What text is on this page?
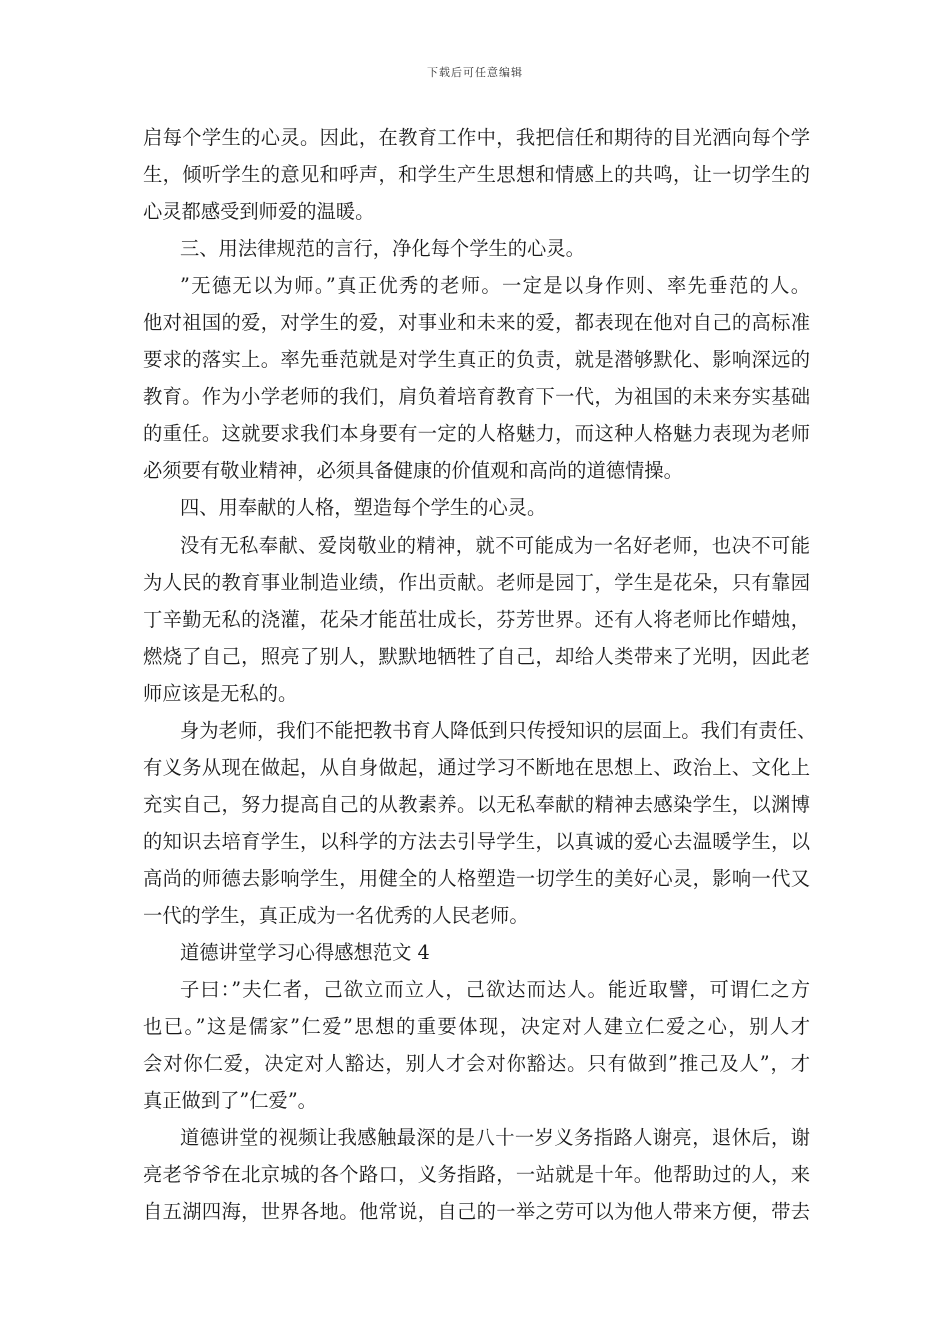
下载后可任意编辑
启每个学生的心灵。因此，在教育工作中，我把信任和期待的目光洒向每个学
生，倾听学生的意见和呼声，和学生产生思想和情感上的共鸣，让一切学生的
心灵都感受到师爱的温暖。
三、用法律规范的言行，净化每个学生的心灵。
”无德无以为师。”真正优秀的老师。一定是以身作则、率先垂范的人。
他对祖国的爱，对学生的爱，对事业和未来的爱，都表现在他对自己的高标准
要求的落实上。率先垂范就是对学生真正的负责，就是潜够默化、影响深远的
教育。作为小学老师的我们，肩负着培育教育下一代，为祖国的未来夯实基础
的重任。这就要求我们本身要有一定的人格魅力，而这种人格魅力表现为老师
必须要有敬业精神，必须具备健康的价值观和高尚的道德情操。
四、用奉献的人格，塑造每个学生的心灵。
没有无私奉献、爱岗敬业的精神，就不可能成为一名好老师，也决不可能
为人民的教育事业制造业绩，作出贡献。老师是园丁，学生是花朵，只有靠园
丁辛勤无私的浇灌，花朵才能茁壮成长，芬芳世界。还有人将老师比作蜡烛，
燃烧了自己，照亮了别人，默默地牺牲了自己，却给人类带来了光明，因此老
师应该是无私的。
身为老师，我们不能把教书育人降低到只传授知识的层面上。我们有责任、
有义务从现在做起，从自身做起，通过学习不断地在思想上、政治上、文化上
充实自己，努力提高自己的从教素养。以无私奉献的精神去感染学生，以渊博
的知识去培育学生，以科学的方法去引导学生，以真诚的爱心去温暖学生，以
高尚的师德去影响学生，用健全的人格塑造一切学生的美好心灵，影响一代又
一代的学生，真正成为一名优秀的人民老师。
道德讲堂学习心得感想范文 4
子曰：”夫仁者，己欲立而立人，己欲达而达人。能近取譬，可谓仁之方
也已。”这是儒家”仁爱”思想的重要体现，决定对人建立仁爱之心，别人才
会对你仁爱，决定对人豁达，别人才会对你豁达。只有做到”推己及人”，才
真正做到了”仁爱”。
道德讲堂的视频让我感触最深的是八十一岁义务指路人谢亮，退休后，谢
亮老爷爷在北京城的各个路口，义务指路，一站就是十年。他帮助过的人，来
自五湖四海，世界各地。他常说，自己的一举之劳可以为他人带来方便，带去
